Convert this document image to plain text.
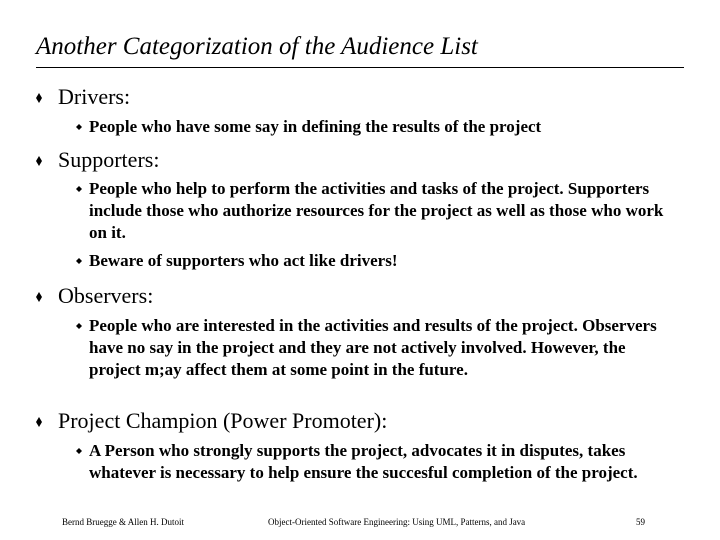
Another Categorization of the Audience List
Drivers:
People who have some say in defining the results of the project
Supporters:
People who help to perform the activities and tasks of the project. Supporters include those who authorize resources for the project as well as those who work on it.
Beware of supporters who act like drivers!
Observers:
People who are interested in the activities and results of the project. Observers have no say in the project and they are not actively involved. However, the project m;ay affect them at some point in the future.
Project Champion (Power Promoter):
A Person who strongly supports the project, advocates it in disputes, takes whatever is necessary to help ensure the succesful completion of the project.
Bernd Bruegge & Allen H. Dutoit	Object-Oriented Software Engineering: Using UML, Patterns, and Java	59
